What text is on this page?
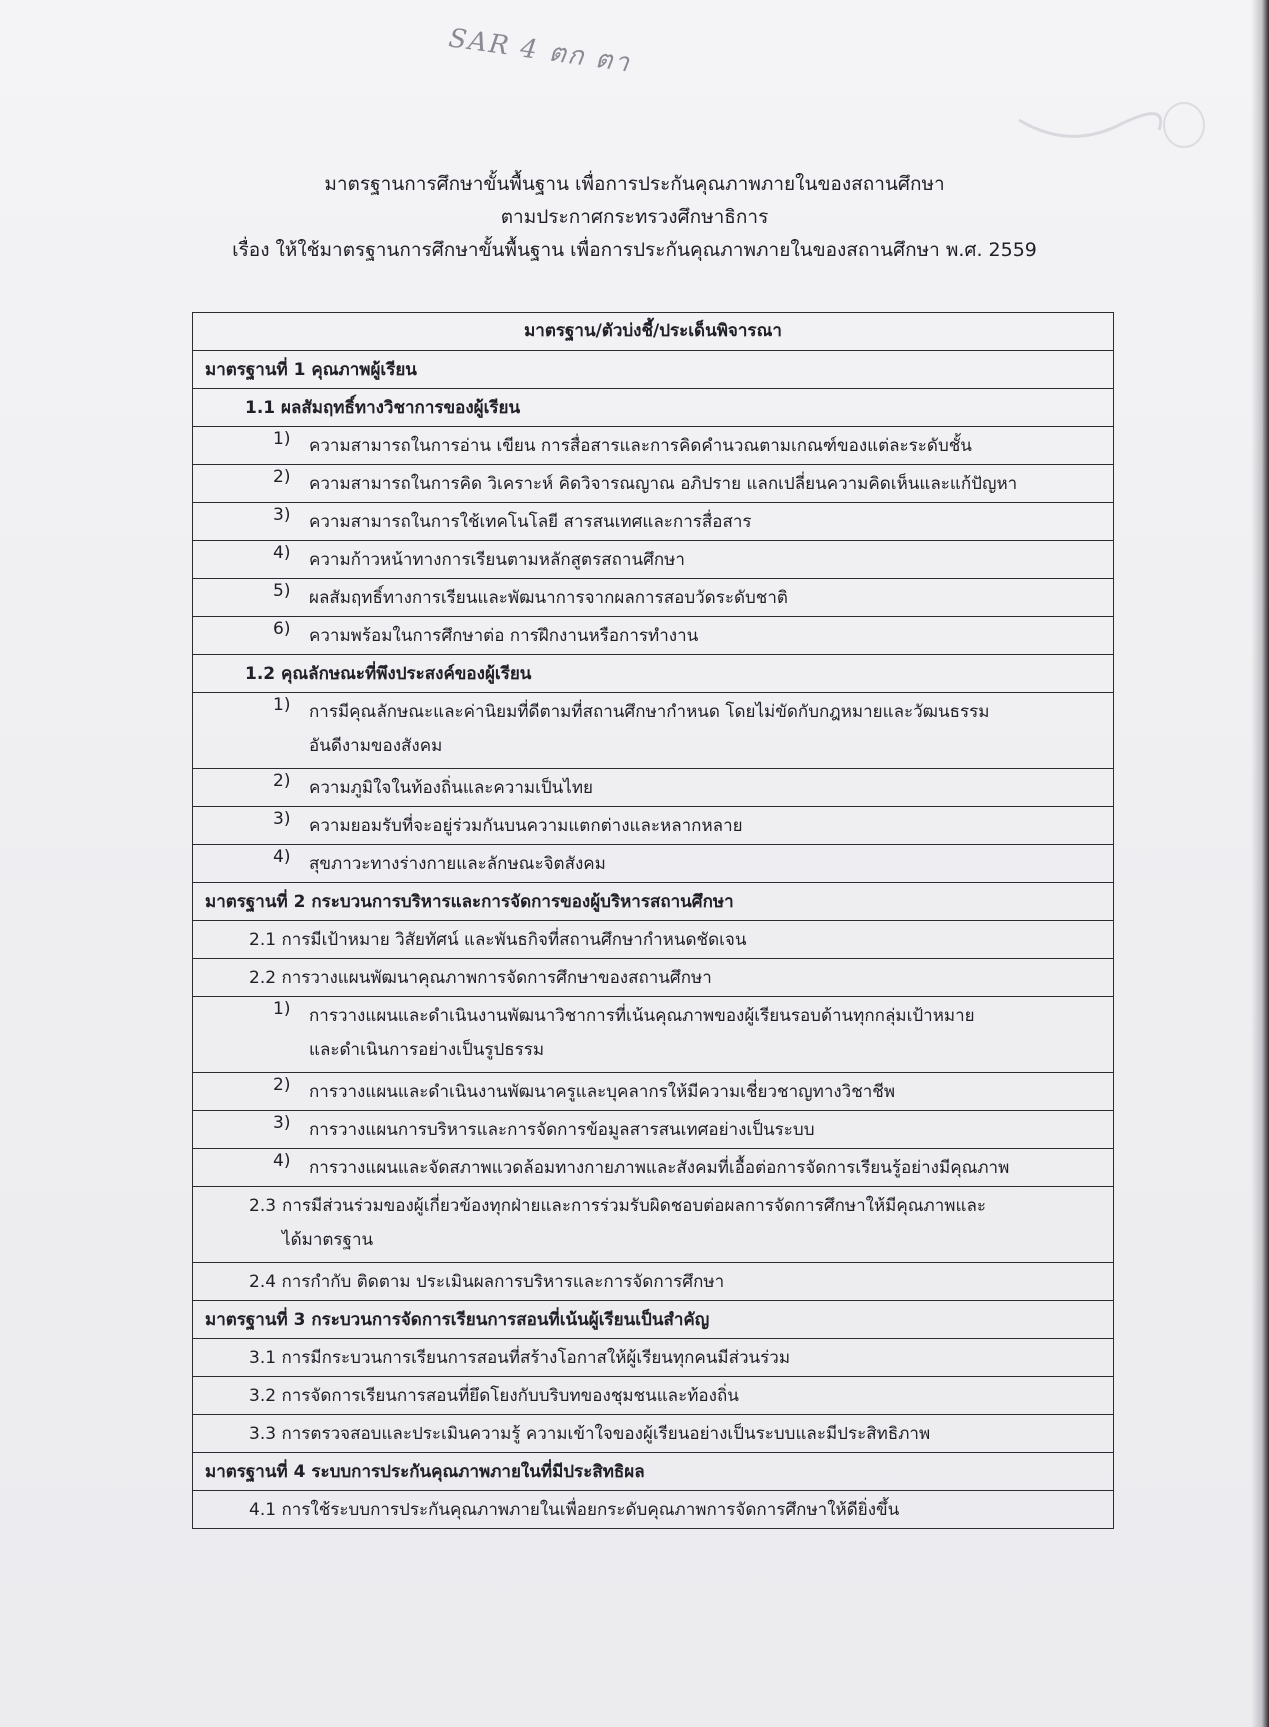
SAR 4 ตก ตา
มาตรฐานการศึกษาขั้นพื้นฐาน เพื่อการประกันคุณภาพภายในของสถานศึกษา
ตามประกาศกระทรวงศึกษาธิการ
เรื่อง ให้ใช้มาตรฐานการศึกษาขั้นพื้นฐาน เพื่อการประกันคุณภาพภายในของสถานศึกษา พ.ศ. 2559
มาตรฐาน/ตัวบ่งชี้/ประเด็นพิจารณา
มาตรฐานที่ 1 คุณภาพผู้เรียน
1.1 ผลสัมฤทธิ์ทางวิชาการของผู้เรียน
1)	ความสามารถในการอ่าน เขียน การสื่อสารและการคิดคำนวณตามเกณฑ์ของแต่ละระดับชั้น
2)	ความสามารถในการคิด วิเคราะห์ คิดวิจารณญาณ อภิปราย แลกเปลี่ยนความคิดเห็นและแก้ปัญหา
3)	ความสามารถในการใช้เทคโนโลยี สารสนเทศและการสื่อสาร
4)	ความก้าวหน้าทางการเรียนตามหลักสูตรสถานศึกษา
5)	ผลสัมฤทธิ์ทางการเรียนและพัฒนาการจากผลการสอบวัดระดับชาติ
6)	ความพร้อมในการศึกษาต่อ การฝึกงานหรือการทำงาน
1.2 คุณลักษณะที่พึงประสงค์ของผู้เรียน
1)	การมีคุณลักษณะและค่านิยมที่ดีตามที่สถานศึกษากำหนด โดยไม่ขัดกับกฎหมายและวัฒนธรรม
อันดีงามของสังคม
2)	ความภูมิใจในท้องถิ่นและความเป็นไทย
3)	ความยอมรับที่จะอยู่ร่วมกันบนความแตกต่างและหลากหลาย
4)	สุขภาวะทางร่างกายและลักษณะจิตสังคม
มาตรฐานที่ 2 กระบวนการบริหารและการจัดการของผู้บริหารสถานศึกษา
2.1 การมีเป้าหมาย วิสัยทัศน์ และพันธกิจที่สถานศึกษากำหนดชัดเจน
2.2 การวางแผนพัฒนาคุณภาพการจัดการศึกษาของสถานศึกษา
1)	การวางแผนและดำเนินงานพัฒนาวิชาการที่เน้นคุณภาพของผู้เรียนรอบด้านทุกกลุ่มเป้าหมาย
และดำเนินการอย่างเป็นรูปธรรม
2)	การวางแผนและดำเนินงานพัฒนาครูและบุคลากรให้มีความเชี่ยวชาญทางวิชาชีพ
3)	การวางแผนการบริหารและการจัดการข้อมูลสารสนเทศอย่างเป็นระบบ
4)	การวางแผนและจัดสภาพแวดล้อมทางกายภาพและสังคมที่เอื้อต่อการจัดการเรียนรู้อย่างมีคุณภาพ
2.3 การมีส่วนร่วมของผู้เกี่ยวข้องทุกฝ่ายและการร่วมรับผิดชอบต่อผลการจัดการศึกษาให้มีคุณภาพและ
ได้มาตรฐาน
2.4 การกำกับ ติดตาม ประเมินผลการบริหารและการจัดการศึกษา
มาตรฐานที่ 3 กระบวนการจัดการเรียนการสอนที่เน้นผู้เรียนเป็นสำคัญ
3.1 การมีกระบวนการเรียนการสอนที่สร้างโอกาสให้ผู้เรียนทุกคนมีส่วนร่วม
3.2 การจัดการเรียนการสอนที่ยึดโยงกับบริบทของชุมชนและท้องถิ่น
3.3 การตรวจสอบและประเมินความรู้ ความเข้าใจของผู้เรียนอย่างเป็นระบบและมีประสิทธิภาพ
มาตรฐานที่ 4 ระบบการประกันคุณภาพภายในที่มีประสิทธิผล
4.1 การใช้ระบบการประกันคุณภาพภายในเพื่อยกระดับคุณภาพการจัดการศึกษาให้ดียิ่งขึ้น
